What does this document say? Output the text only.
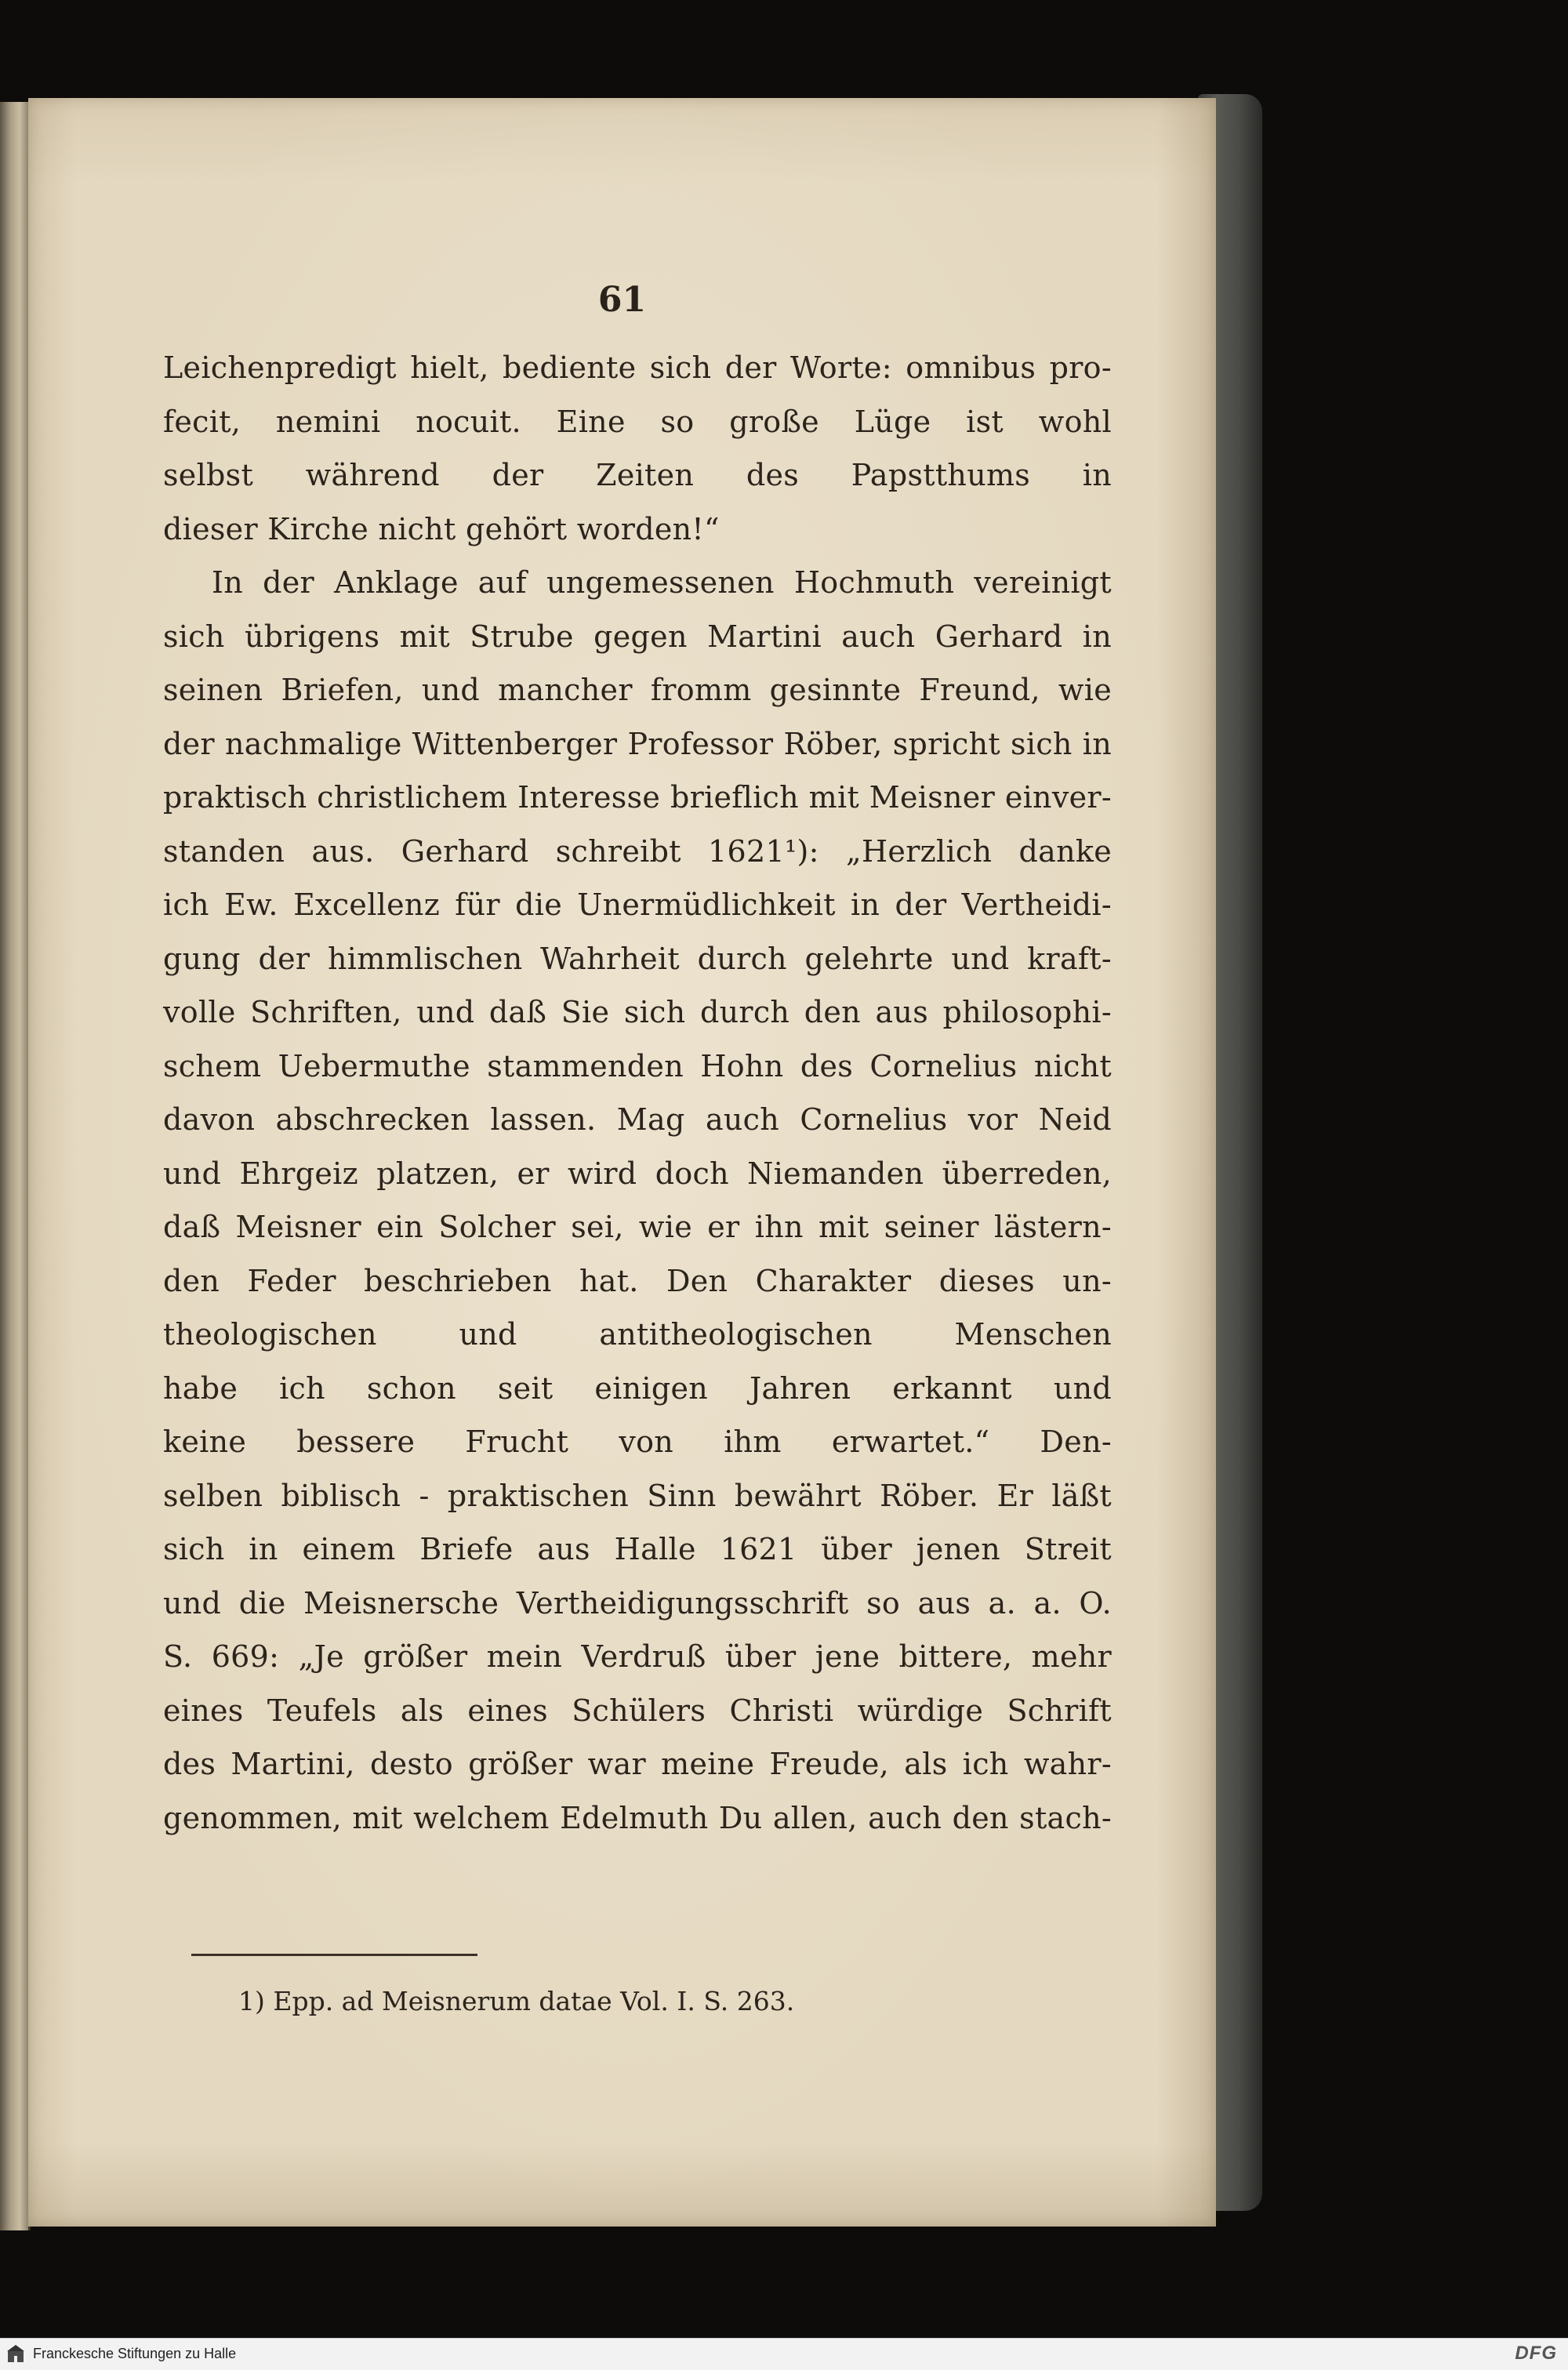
61
Leichenpredigt hielt, bediente sich der Worte: omnibus pro-
fecit, nemini nocuit. Eine so große Lüge ist wohl
selbst während der Zeiten des Papstthums in
dieser Kirche nicht gehört worden!“
In der Anklage auf ungemessenen Hochmuth vereinigt
sich übrigens mit Strube gegen Martini auch Gerhard in
seinen Briefen, und mancher fromm gesinnte Freund, wie
der nachmalige Wittenberger Professor Röber, spricht sich in
praktisch christlichem Interesse brieflich mit Meisner einver-
standen aus. Gerhard schreibt 1621¹): „Herzlich danke
ich Ew. Excellenz für die Unermüdlichkeit in der Vertheidi-
gung der himmlischen Wahrheit durch gelehrte und kraft-
volle Schriften, und daß Sie sich durch den aus philosophi-
schem Uebermuthe stammenden Hohn des Cornelius nicht
davon abschrecken lassen. Mag auch Cornelius vor Neid
und Ehrgeiz platzen, er wird doch Niemanden überreden,
daß Meisner ein Solcher sei, wie er ihn mit seiner lästern-
den Feder beschrieben hat. Den Charakter dieses un-
theologischen und antitheologischen Menschen
habe ich schon seit einigen Jahren erkannt und
keine bessere Frucht von ihm erwartet.“ Den-
selben biblisch - praktischen Sinn bewährt Röber. Er läßt
sich in einem Briefe aus Halle 1621 über jenen Streit
und die Meisnersche Vertheidigungsschrift so aus a. a. O.
S. 669: „Je größer mein Verdruß über jene bittere, mehr
eines Teufels als eines Schülers Christi würdige Schrift
des Martini, desto größer war meine Freude, als ich wahr-
genommen, mit welchem Edelmuth Du allen, auch den stach-
1) Epp. ad Meisnerum datae Vol. I. S. 263.
Franckesche Stiftungen zu Halle	DFG
